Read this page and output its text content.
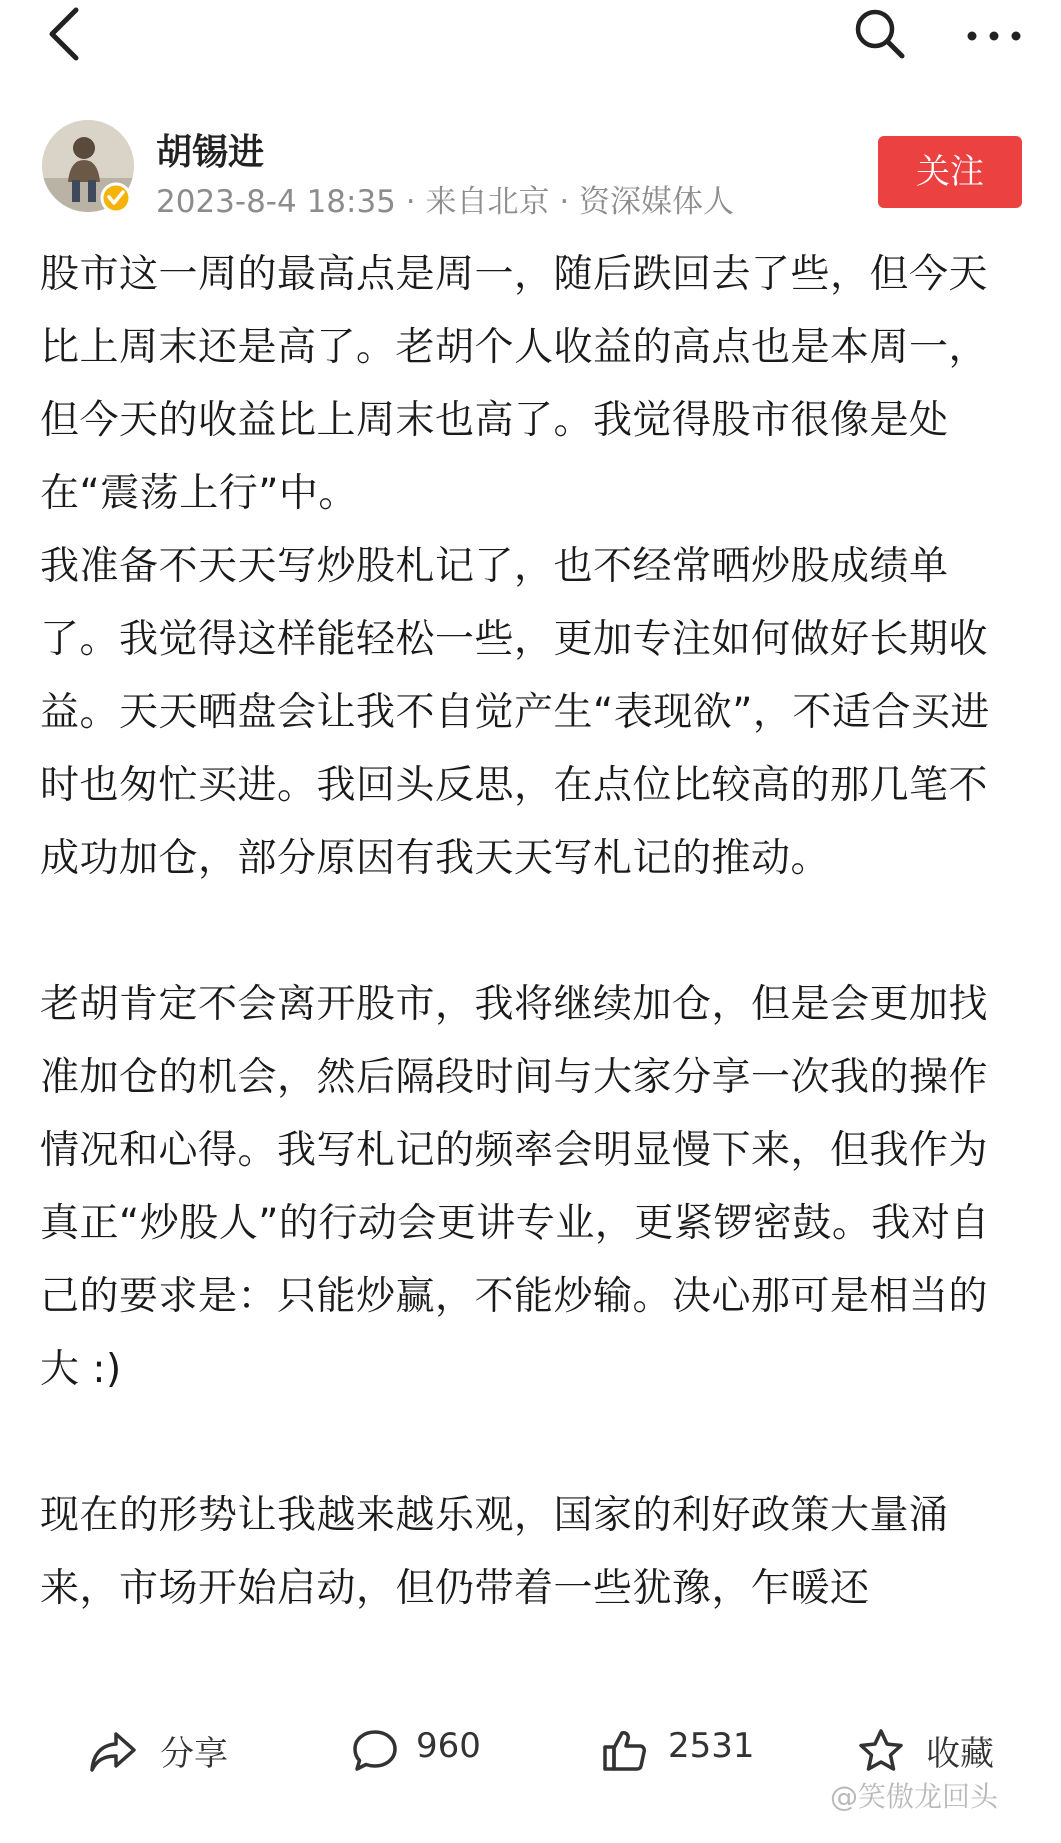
胡锡进
2023-8-4 18:35 · 来自北京 · 资深媒体人
关注

股市这一周的最高点是周一，随后跌回去了些，但今天比上周末还是高了。老胡个人收益的高点也是本周一，但今天的收益比上周末也高了。我觉得股市很像是处在“震荡上行”中。

我准备不天天写炒股札记了，也不经常晒炒股成绩单了。我觉得这样能轻松一些，更加专注如何做好长期收益。天天晒盘会让我不自觉产生“表现欲”，不适合买进时也匆忙买进。我回头反思，在点位比较高的那几笔不成功加仓，部分原因有我天天写札记的推动。

老胡肯定不会离开股市，我将继续加仓，但是会更加找准加仓的机会，然后隔段时间与大家分享一次我的操作情况和心得。我写札记的频率会明显慢下来，但我作为真正“炒股人”的行动会更讲专业，更紧锣密鼓。我对自己的要求是：只能炒赢，不能炒输。决心那可是相当的大 :)

现在的形势让我越来越乐观，国家的利好政策大量涌来，市场开始启动，但仍带着一些犹豫，乍暖还

分享	960	2531	收藏
@笑傲龙回头
